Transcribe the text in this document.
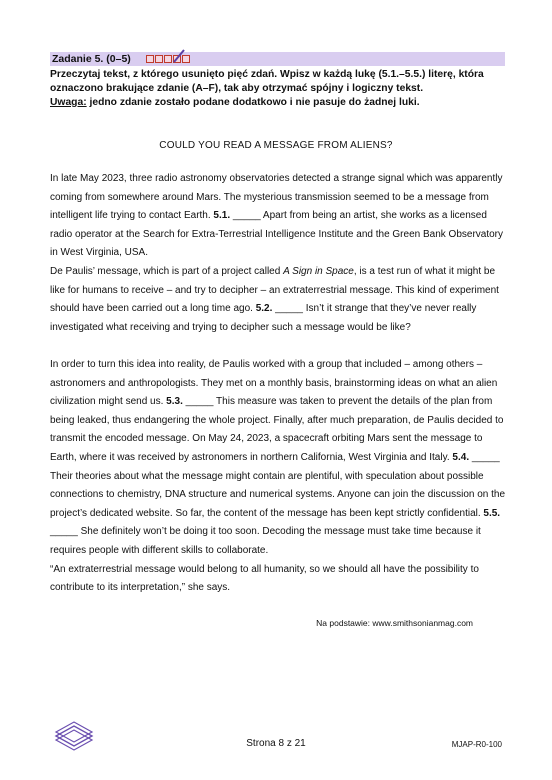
Zadanie 5. (0–5)
Przeczytaj tekst, z którego usunięto pięć zdań. Wpisz w każdą lukę (5.1.–5.5.) literę, która oznaczono brakujące zdanie (A–F), tak aby otrzymać spójny i logiczny tekst.
Uwaga: jedno zdanie zostało podane dodatkowo i nie pasuje do żadnej luki.
COULD YOU READ A MESSAGE FROM ALIENS?
In late May 2023, three radio astronomy observatories detected a strange signal which was apparently coming from somewhere around Mars. The mysterious transmission seemed to be a message from intelligent life trying to contact Earth. 5.1. _____ Apart from being an artist, she works as a licensed radio operator at the Search for Extra-Terrestrial Intelligence Institute and the Green Bank Observatory in West Virginia, USA.
De Paulis’ message, which is part of a project called A Sign in Space, is a test run of what it might be like for humans to receive – and try to decipher – an extraterrestrial message. This kind of experiment should have been carried out a long time ago. 5.2. _____ Isn’t it strange that they’ve never really investigated what receiving and trying to decipher such a message would be like?
In order to turn this idea into reality, de Paulis worked with a group that included – among others – astronomers and anthropologists. They met on a monthly basis, brainstorming ideas on what an alien civilization might send us. 5.3. _____ This measure was taken to prevent the details of the plan from being leaked, thus endangering the whole project. Finally, after much preparation, de Paulis decided to transmit the encoded message. On May 24, 2023, a spacecraft orbiting Mars sent the message to Earth, where it was received by astronomers in northern California, West Virginia and Italy. 5.4. _____ Their theories about what the message might contain are plentiful, with speculation about possible connections to chemistry, DNA structure and numerical systems. Anyone can join the discussion on the project’s dedicated website. So far, the content of the message has been kept strictly confidential. 5.5. _____ She definitely won’t be doing it too soon. Decoding the message must take time because it requires people with different skills to collaborate.
“An extraterrestrial message would belong to all humanity, so we should all have the possibility to contribute to its interpretation,” she says.
Na podstawie: www.smithsonianmag.com
Strona 8 z 21	MJAP-R0-100
